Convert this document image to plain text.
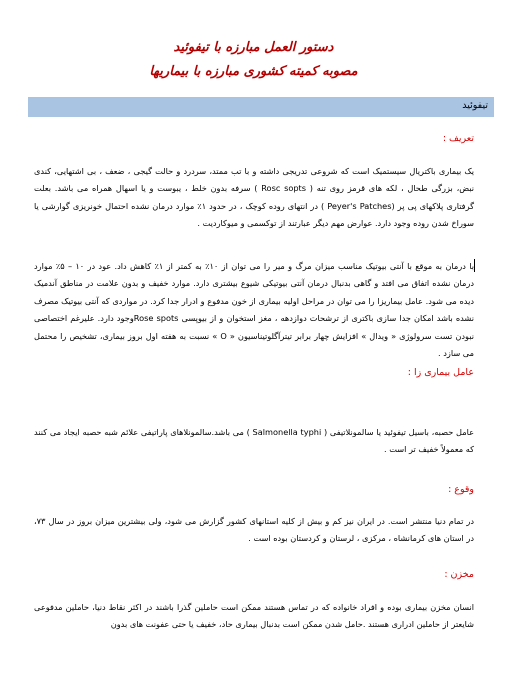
دستور العمل مبارزه با تیفوئید
مصوبه کمیته کشوری مبارزه با بیماریها
تیفوئید
تعریف :
یک بیماری باکتریال سیستمیک است که شروعی تدریجی داشته و با تب ممتد، سردرد و حالت گیجی ، ضعف ، بی اشتهایی، کندی نبض، بزرگی طحال ، لکه های قرمز روی تنه ( Rosc sopts ) سرفه بدون خلط ، یبوست و یا اسهال همراه می باشد. بعلت گرفتاری پلاکهای پی پر (Peyer's Patches ) در انتهای روده کوچک ، در حدود ۱٪ موارد درمان نشده احتمال خونریزی گوارشی یا سوراخ شدن روده وجود دارد. عوارض مهم دیگر عبارتند از توکسمی و میوکاردیت .
با درمان به موقع با آنتی بیوتیک مناسب میزان مرگ و میر را می توان از ۱۰٪ به کمتر از ۱٪ کاهش داد. عود در ۱۰ – ۵٪ موارد درمان نشده اتفاق می افتد و گاهی بدنبال درمان آنتی بیوتیکی شیوع بیشتری دارد. موارد خفیف و بدون علامت در مناطق آندمیک دیده می شود. عامل بیماریزا را می توان در مراحل اولیه بیماری از خون مدفوع و ادرار جدا کرد. در مواردی که آنتی بیوتیک مصرف نشده باشد امکان جدا سازی باکتری از ترشحات دوازدهه ، مغز استخوان و از بیوپسی Rose spotsوجود دارد. علیرغم اختصاصی نبودن تست سرولوژی « ویدال » افزایش چهار برابر تیترآگلوتیناسیون « O » نسبت به هفته اول بروز بیماری، تشخیص را محتمل می سازد .
عامل بیماری زا :
عامل حصبه، باسیل تیفوئید یا سالمونلاتیفی ( Salmonella typhi ) می باشد.سالمونلاهای پاراتیفی علائم شبه حصبه ایجاد می کنند که معمولاً خفیف تر است .
وقوع :
در تمام دنیا منتشر است. در ایران نیز کم و بیش از کلیه استانهای کشور گزارش می شود، ولی بیشترین میزان بروز در سال ۷۳، در استان های کرمانشاه ، مرکزی ، لرستان و کردستان بوده است .
مخزن :
انسان مخزن بیماری بوده و افراد خانواده که در تماس هستند ممکن است حاملین گذرا باشند در اکثر نقاط دنیا، حاملین مدفوعی شایعتر از حاملین ادراری هستند .حامل شدن ممکن است بدنبال بیماری حاد، خفیف یا حتی عفونت های بدون
